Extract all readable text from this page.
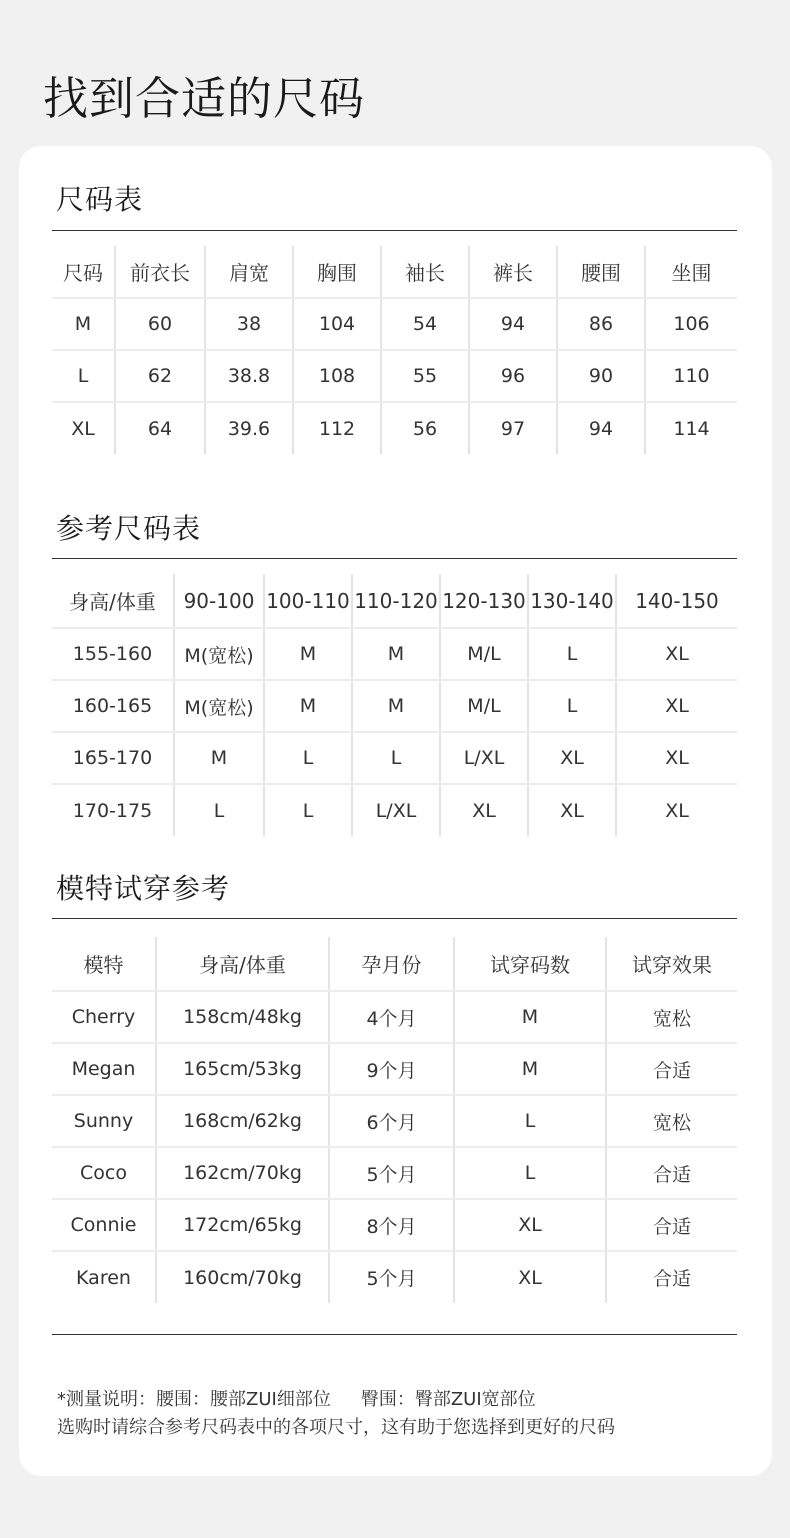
找到合适的尺码
尺码表
尺码	前衣长	肩宽	胸围	袖长	裤长	腰围	坐围
M	60	38	104	54	94	86	106
L	62	38.8	108	55	96	90	110
XL	64	39.6	112	56	97	94	114
参考尺码表
身高/体重	90-100	100-110	110-120	120-130	130-140	140-150
155-160	M(宽松)	M	M	M/L	L	XL
160-165	M(宽松)	M	M	M/L	L	XL
165-170	M	L	L	L/XL	XL	XL
170-175	L	L	L/XL	XL	XL	XL
模特试穿参考
模特	身高/体重	孕月份	试穿码数	试穿效果
Cherry	158cm/48kg	4个月	M	宽松
Megan	165cm/53kg	9个月	M	合适
Sunny	168cm/62kg	6个月	L	宽松
Coco	162cm/70kg	5个月	L	合适
Connie	172cm/65kg	8个月	XL	合适
Karen	160cm/70kg	5个月	XL	合适
*测量说明：腰围：腰部ZUI细部位 臀围：臀部ZUI宽部位
选购时请综合参考尺码表中的各项尺寸，这有助于您选择到更好的尺码
